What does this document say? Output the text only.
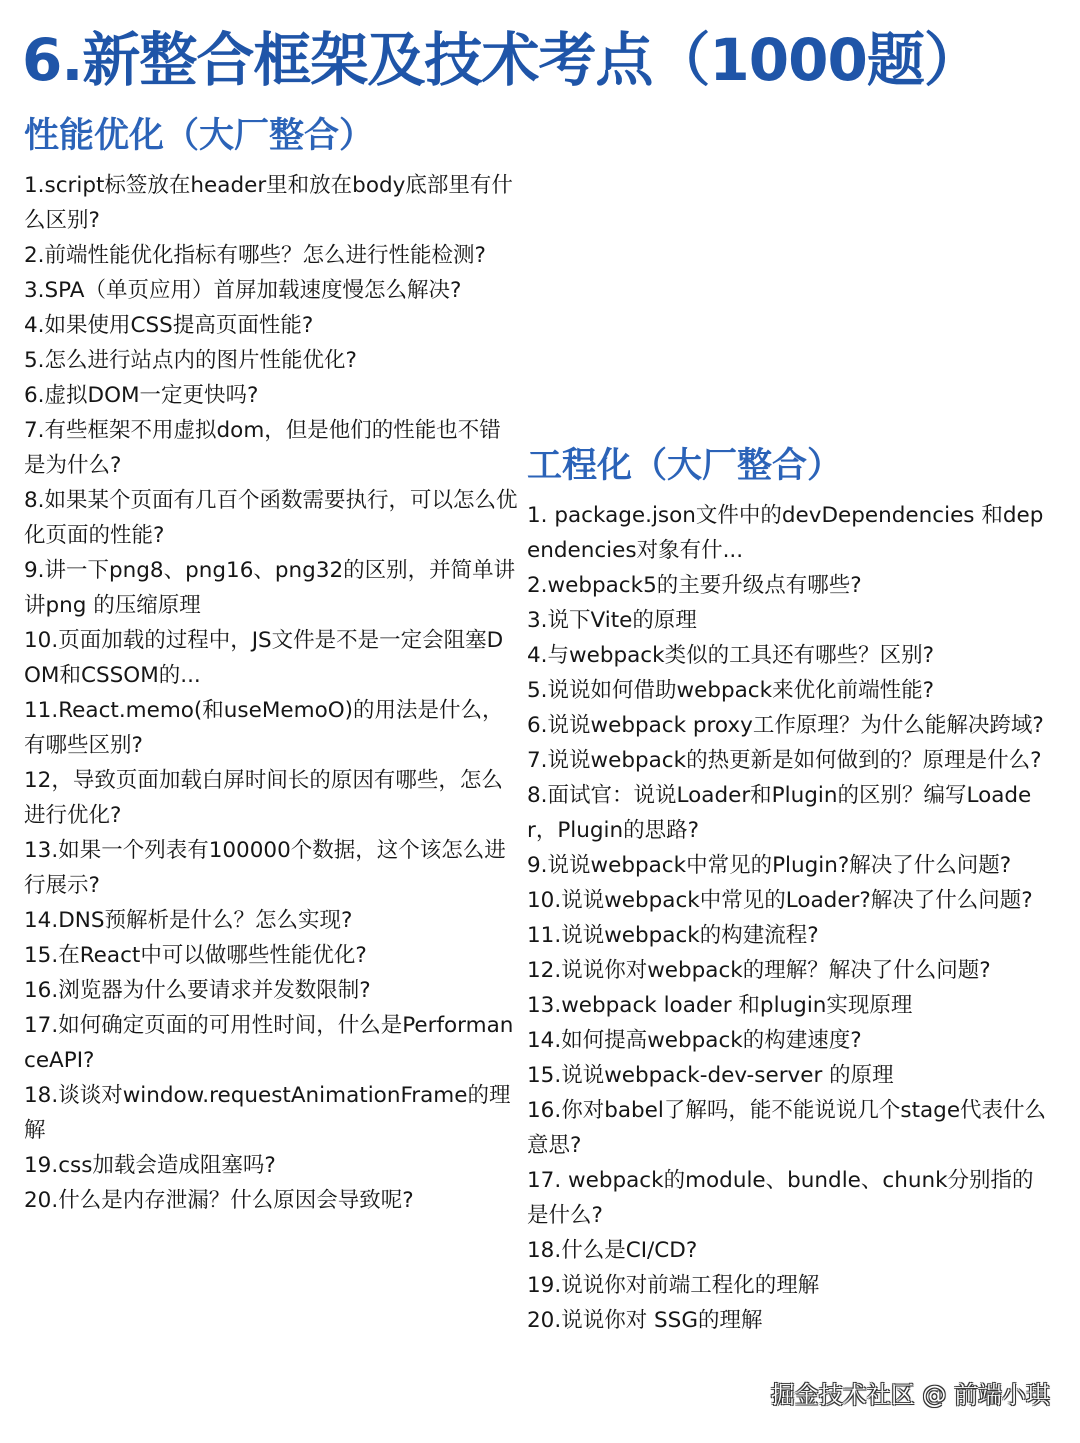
6.新整合框架及技术考点（1000题）
性能优化（大厂整合）
1.script标签放在header里和放在body底部里有什么区别?
2.前端性能优化指标有哪些？怎么进行性能检测?
3.SPA（单页应用）首屏加载速度慢怎么解决?
4.如果使用CSS提高页面性能?
5.怎么进行站点内的图片性能优化?
6.虚拟DOM一定更快吗?
7.有些框架不用虚拟dom，但是他们的性能也不错是为什么?
8.如果某个页面有几百个函数需要执行，可以怎么优化页面的性能?
9.讲一下png8、png16、png32的区别，并简单讲讲png 的压缩原理
10.页面加载的过程中，JS文件是不是一定会阻塞DOM和CSSOM的...
11.React.memo(和useMemoO)的用法是什么，有哪些区别?
12，导致页面加载白屏时间长的原因有哪些，怎么进行优化?
13.如果一个列表有100000个数据，这个该怎么进行展示?
14.DNS预解析是什么？怎么实现?
15.在React中可以做哪些性能优化?
16.浏览器为什么要请求并发数限制?
17.如何确定页面的可用性时间，什么是PerformanceAPI?
18.谈谈对window.requestAnimationFrame的理解
19.css加载会造成阻塞吗?
20.什么是内存泄漏？什么原因会导致呢?
工程化（大厂整合）
1. package.json文件中的devDependencies 和dependencies对象有什...
2.webpack5的主要升级点有哪些?
3.说下Vite的原理
4.与webpack类似的工具还有哪些？区别?
5.说说如何借助webpack来优化前端性能?
6.说说webpack proxy工作原理？为什么能解决跨域?
7.说说webpack的热更新是如何做到的？原理是什么?
8.面试官：说说Loader和Plugin的区别？编写Loader，Plugin的思路?
9.说说webpack中常见的Plugin?解决了什么问题?
10.说说webpack中常见的Loader?解决了什么问题?
11.说说webpack的构建流程?
12.说说你对webpack的理解？解决了什么问题?
13.webpack loader 和plugin实现原理
14.如何提高webpack的构建速度?
15.说说webpack-dev-server 的原理
16.你对babel了解吗，能不能说说几个stage代表什么意思?
17. webpack的module、bundle、chunk分别指的是什么?
18.什么是CI/CD?
19.说说你对前端工程化的理解
20.说说你对 SSG的理解
掘金技术社区 @ 前端小琪
